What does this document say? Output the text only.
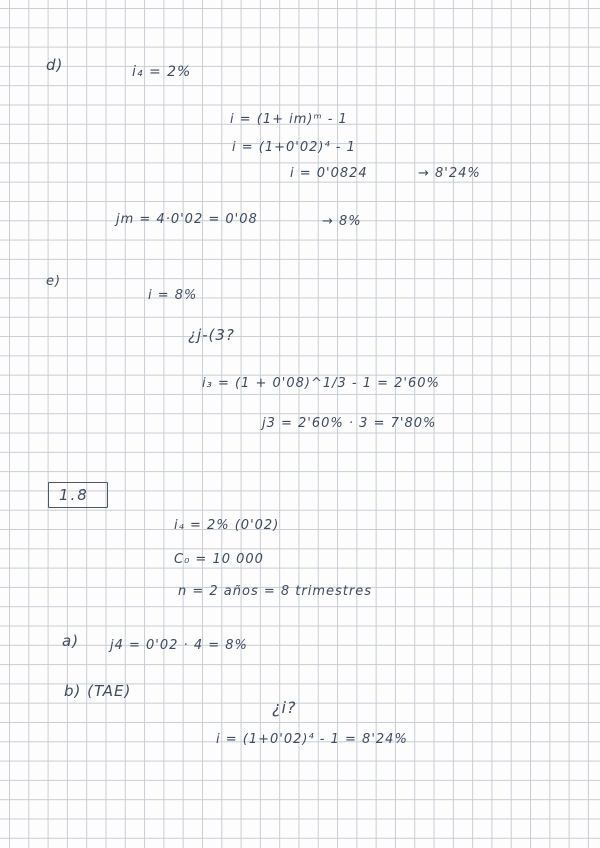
d)	i₄ = 2%
i = (1+ im)ᵐ - 1
i = (1+0'02)⁴ - 1
i = 0'0824	→ 8'24%
jm = 4·0'02 = 0'08	→ 8%
e)
i = 8%
¿j-(3?
i₃ = (1 + 0'08)^1/3 - 1 = 2'60%
j3 = 2'60% · 3 = 7'80%
1.8
i₄ = 2% (0'02)
C₀ = 10 000
n = 2 años = 8 trimestres
a) j4 = 0'02 · 4 = 8%
b) (TAE)
¿i?
i = (1+0'02)⁴ - 1 = 8'24%
